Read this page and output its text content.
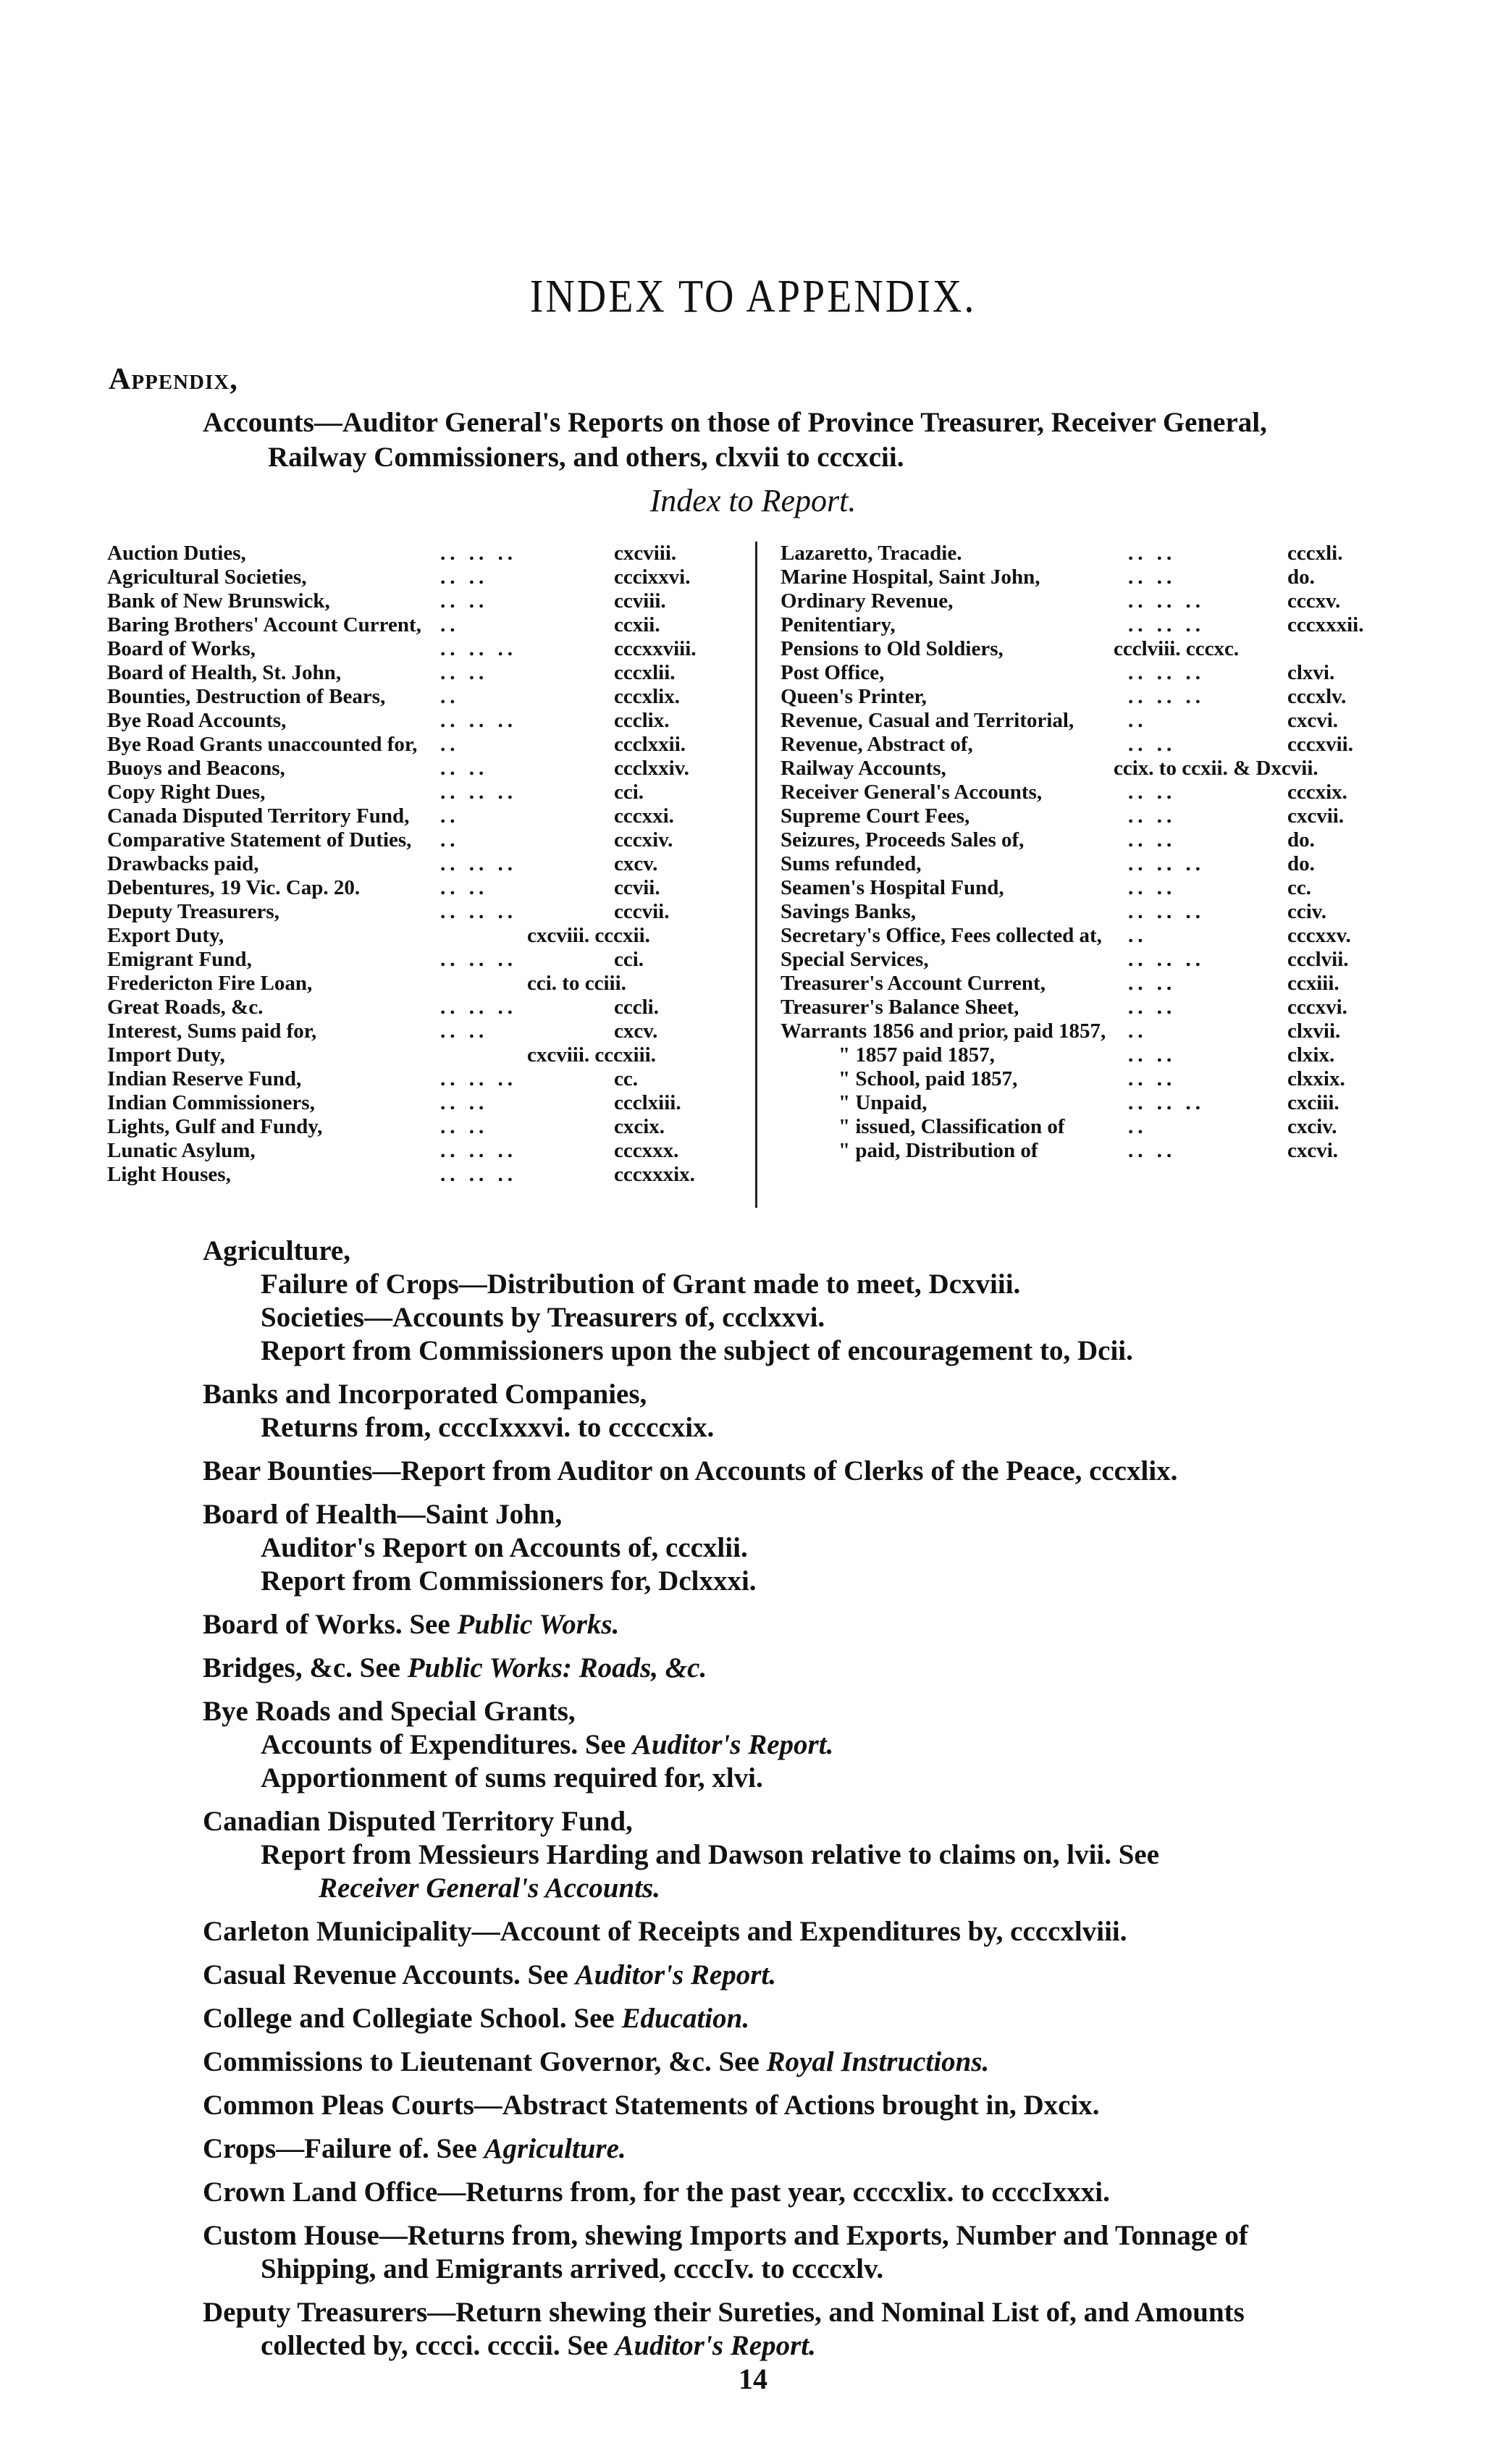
INDEX TO APPENDIX.
Appendix,
Accounts—Auditor General's Reports on those of Province Treasurer, Receiver General,
Railway Commissioners, and others, clxvii to cccxcii.
Index to Report.
Auction Duties,	.. .. ..	cxcviii.
Agricultural Societies,	.. ..	cccixxvi.
Bank of New Brunswick,	.. ..	ccviii.
Baring Brothers' Account Current, ..	ccxii.
Board of Works,	.. .. ..	cccxxviii.
Board of Health, St. John,	.. ..	cccxlii.
Bounties, Destruction of Bears,	..	cccxlix.
Bye Road Accounts,	.. .. ..	ccclix.
Bye Road Grants unaccounted for, ..	ccclxxii.
Buoys and Beacons,	.. ..	ccclxxiv.
Copy Right Dues,	.. .. ..	cci.
Canada Disputed Territory Fund, ..	cccxxi.
Comparative Statement of Duties, ..	cccxiv.
Drawbacks paid,	.. .. ..	cxcv.
Debentures, 19 Vic. Cap. 20.	.. ..	ccvii.
Deputy Treasurers,	.. .. ..	cccvii.
Export Duty,	cxcviii. cccxii.
Emigrant Fund,	.. .. ..	cci.
Fredericton Fire Loan,	cci. to cciii.
Great Roads, &c.	.. .. ..	cccli.
Interest, Sums paid for,	.. ..	cxcv.
Import Duty,	cxcviii. cccxiii.
Indian Reserve Fund,	.. .. ..	cc.
Indian Commissioners,	.. ..	ccclxiii.
Lights, Gulf and Fundy,	.. ..	cxcix.
Lunatic Asylum,	.. .. ..	cccxxx.
Light Houses,	.. .. ..	cccxxxix.
Lazaretto, Tracadie.	.. ..	cccxli.
Marine Hospital, Saint John,	.. ..	do.
Ordinary Revenue,	.. .. ..	cccxv.
Penitentiary,	.. .. ..	cccxxxii.
Pensions to Old Soldiers,	ccclviii. cccxc.
Post Office,	.. .. ..	clxvi.
Queen's Printer,	.. .. ..	cccxlv.
Revenue, Casual and Territorial,	..	cxcvi.
Revenue, Abstract of,	.. ..	cccxvii.
Railway Accounts,	ccix. to ccxii. & Dxcvii.
Receiver General's Accounts,	.. ..	cccxix.
Supreme Court Fees,	.. ..	cxcvii.
Seizures, Proceeds Sales of,	.. ..	do.
Sums refunded,	.. .. ..	do.
Seamen's Hospital Fund,	.. ..	cc.
Savings Banks,	.. .. ..	cciv.
Secretary's Office, Fees collected at, ..	cccxxv.
Special Services,	.. .. ..	ccclvii.
Treasurer's Account Current,	.. ..	ccxiii.
Treasurer's Balance Sheet,	.. ..	cccxvi.
Warrants 1856 and prior, paid 1857, ..	clxvii.
" 1857 paid 1857,	.. ..	clxix.
" School, paid 1857,	.. ..	clxxix.
" Unpaid,	.. .. ..	cxciii.
" issued, Classification of	..	cxciv.
" paid, Distribution of	.. ..	cxcvi.
Agriculture,
Failure of Crops—Distribution of Grant made to meet, Dcxviii.
Societies—Accounts by Treasurers of, ccclxxvi.
Report from Commissioners upon the subject of encouragement to, Dcii.
Banks and Incorporated Companies,
Returns from, ccccIxxxvi. to cccccxix.
Bear Bounties—Report from Auditor on Accounts of Clerks of the Peace, cccxlix.
Board of Health—Saint John,
Auditor's Report on Accounts of, cccxlii.
Report from Commissioners for, Dclxxxi.
Board of Works. See Public Works.
Bridges, &c. See Public Works: Roads, &c.
Bye Roads and Special Grants,
Accounts of Expenditures. See Auditor's Report.
Apportionment of sums required for, xlvi.
Canadian Disputed Territory Fund,
Report from Messieurs Harding and Dawson relative to claims on, lvii. See
Receiver General's Accounts.
Carleton Municipality—Account of Receipts and Expenditures by, ccccxlviii.
Casual Revenue Accounts. See Auditor's Report.
College and Collegiate School. See Education.
Commissions to Lieutenant Governor, &c. See Royal Instructions.
Common Pleas Courts—Abstract Statements of Actions brought in, Dxcix.
Crops—Failure of. See Agriculture.
Crown Land Office—Returns from, for the past year, ccccxlix. to ccccIxxxi.
Custom House—Returns from, shewing Imports and Exports, Number and Tonnage of
Shipping, and Emigrants arrived, ccccIv. to ccccxlv.
Deputy Treasurers—Return shewing their Sureties, and Nominal List of, and Amounts
collected by, cccci. ccccii. See Auditor's Report.
14
